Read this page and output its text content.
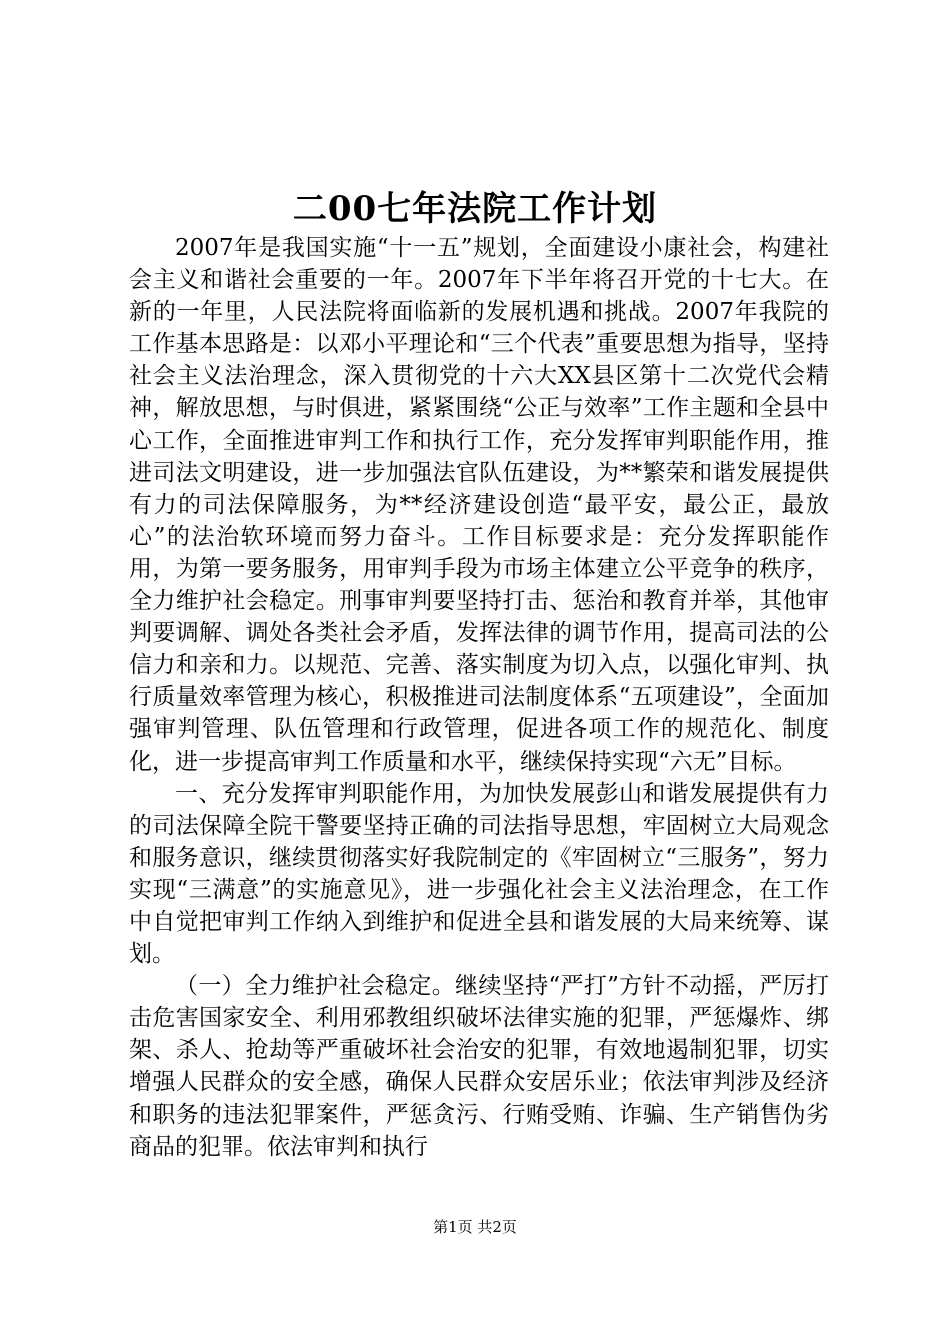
二00七年法院工作计划

2007年是我国实施“十一五”规划，全面建设小康社会，构建社会主义和谐社会重要的一年。2007年下半年将召开党的十七大。在新的一年里，人民法院将面临新的发展机遇和挑战。2007年我院的工作基本思路是：以邓小平理论和“三个代表”重要思想为指导，坚持社会主义法治理念，深入贯彻党的十六大XX县区第十二次党代会精神，解放思想，与时俱进，紧紧围绕“公正与效率”工作主题和全县中心工作，全面推进审判工作和执行工作，充分发挥审判职能作用，推进司法文明建设，进一步加强法官队伍建设，为**繁荣和谐发展提供有力的司法保障服务，为**经济建设创造“最平安，最公正，最放心”的法治软环境而努力奋斗。工作目标要求是：充分发挥职能作用，为第一要务服务，用审判手段为市场主体建立公平竞争的秩序，全力维护社会稳定。刑事审判要坚持打击、惩治和教育并举，其他审判要调解、调处各类社会矛盾，发挥法律的调节作用，提高司法的公信力和亲和力。以规范、完善、落实制度为切入点，以强化审判、执行质量效率管理为核心，积极推进司法制度体系“五项建设”，全面加强审判管理、队伍管理和行政管理，促进各项工作的规范化、制度化，进一步提高审判工作质量和水平，继续保持实现“六无”目标。

一、充分发挥审判职能作用，为加快发展彭山和谐发展提供有力的司法保障全院干警要坚持正确的司法指导思想，牢固树立大局观念和服务意识，继续贯彻落实好我院制定的《牢固树立“三服务”，努力实现“三满意”的实施意见》，进一步强化社会主义法治理念，在工作中自觉把审判工作纳入到维护和促进全县和谐发展的大局来统筹、谋划。

（一）全力维护社会稳定。继续坚持“严打”方针不动摇，严厉打击危害国家安全、利用邪教组织破坏法律实施的犯罪，严惩爆炸、绑架、杀人、抢劫等严重破坏社会治安的犯罪，有效地遏制犯罪，切实增强人民群众的安全感，确保人民群众安居乐业；依法审判涉及经济和职务的违法犯罪案件，严惩贪污、行贿受贿、诈骗、生产销售伪劣商品的犯罪。依法审判和执行

第1页 共2页
